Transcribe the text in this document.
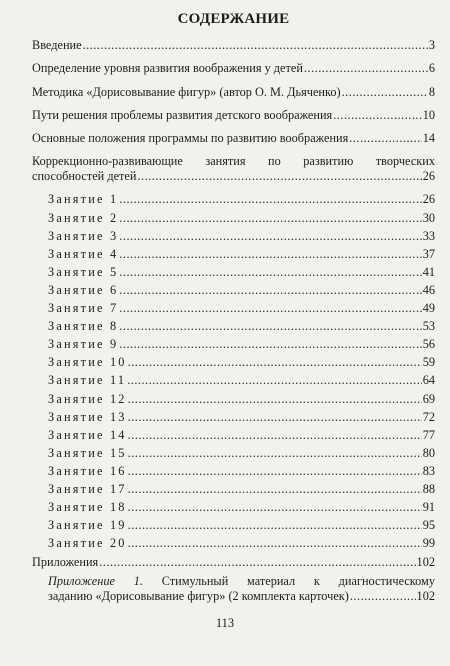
СОДЕРЖАНИЕ
Введение .....	3
Определение уровня развития воображения у детей .....	6
Методика «Дорисовывание фигур» (автор О. М. Дьяченко) .....	8
Пути решения проблемы развития детского воображения .....	10
Основные положения программы по развитию воображения .....	14
Коррекционно-развивающие занятия по развитию творческих
способностей детей .....	26
Занятие 1 .....	26
Занятие 2 .....	30
Занятие 3 .....	33
Занятие 4 .....	37
Занятие 5 .....	41
Занятие 6 .....	46
Занятие 7 .....	49
Занятие 8 .....	53
Занятие 9 .....	56
Занятие 10 .....	59
Занятие 11 .....	64
Занятие 12 .....	69
Занятие 13 .....	72
Занятие 14 .....	77
Занятие 15 .....	80
Занятие 16 .....	83
Занятие 17 .....	88
Занятие 18 .....	91
Занятие 19 .....	95
Занятие 20 .....	99
Приложения .....	102
Приложение 1. Стимульный материал к диагностическому
заданию «Дорисовывание фигур» (2 комплекта карточек) .....	102
113
